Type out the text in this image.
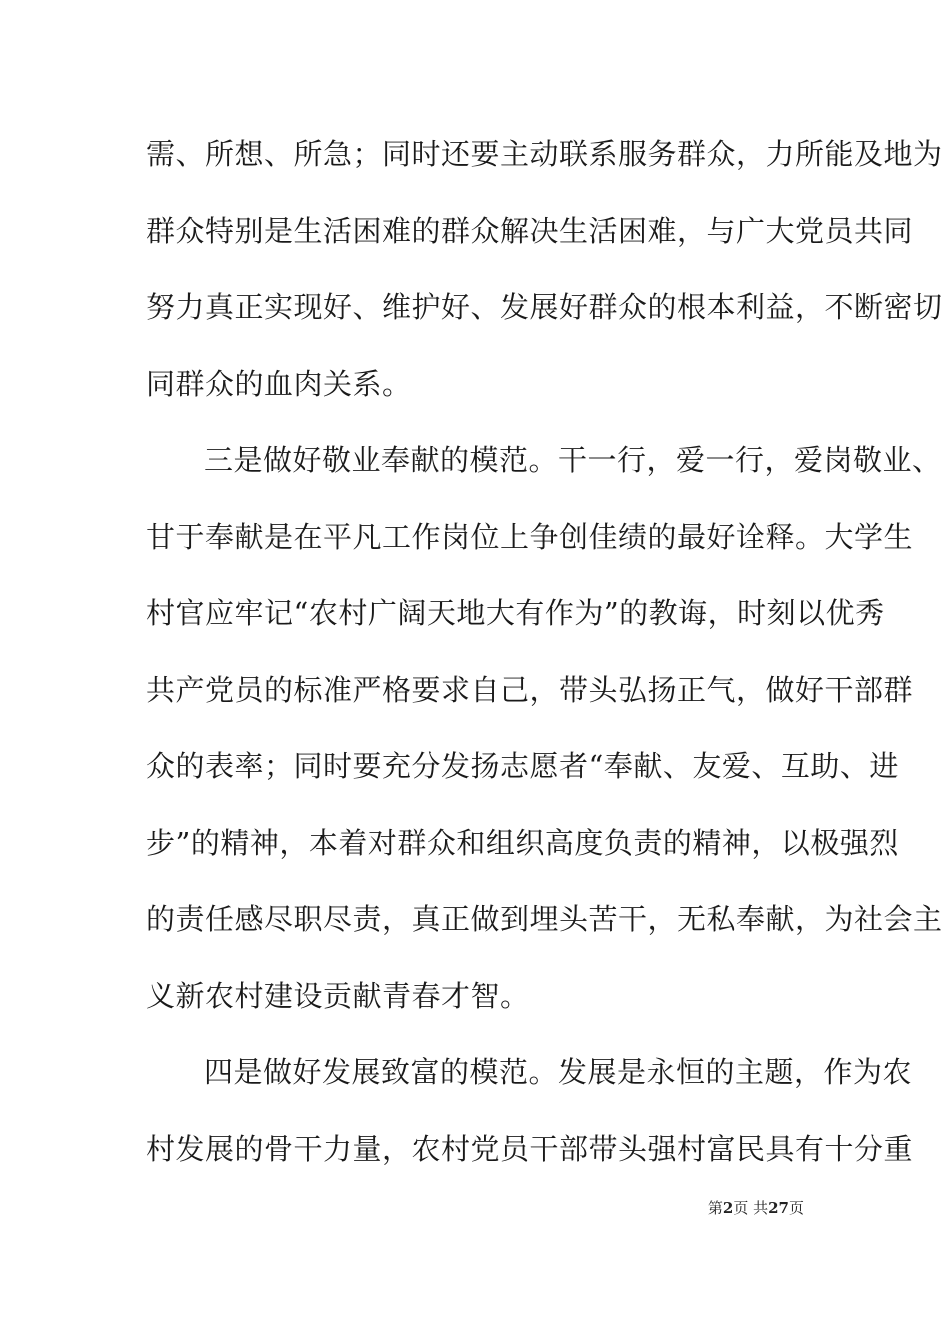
需、所想、所急；同时还要主动联系服务群众，力所能及地为
群众特别是生活困难的群众解决生活困难，与广大党员共同
努力真正实现好、维护好、发展好群众的根本利益，不断密切
同群众的血肉关系。
三是做好敬业奉献的模范。干一行，爱一行，爱岗敬业、
甘于奉献是在平凡工作岗位上争创佳绩的最好诠释。大学生
村官应牢记“农村广阔天地大有作为”的教诲，时刻以优秀
共产党员的标准严格要求自己，带头弘扬正气，做好干部群
众的表率；同时要充分发扬志愿者“奉献、友爱、互助、进
步”的精神，本着对群众和组织高度负责的精神，以极强烈
的责任感尽职尽责，真正做到埋头苦干，无私奉献，为社会主
义新农村建设贡献青春才智。
四是做好发展致富的模范。发展是永恒的主题，作为农
村发展的骨干力量，农村党员干部带头强村富民具有十分重
第2页 共27页
